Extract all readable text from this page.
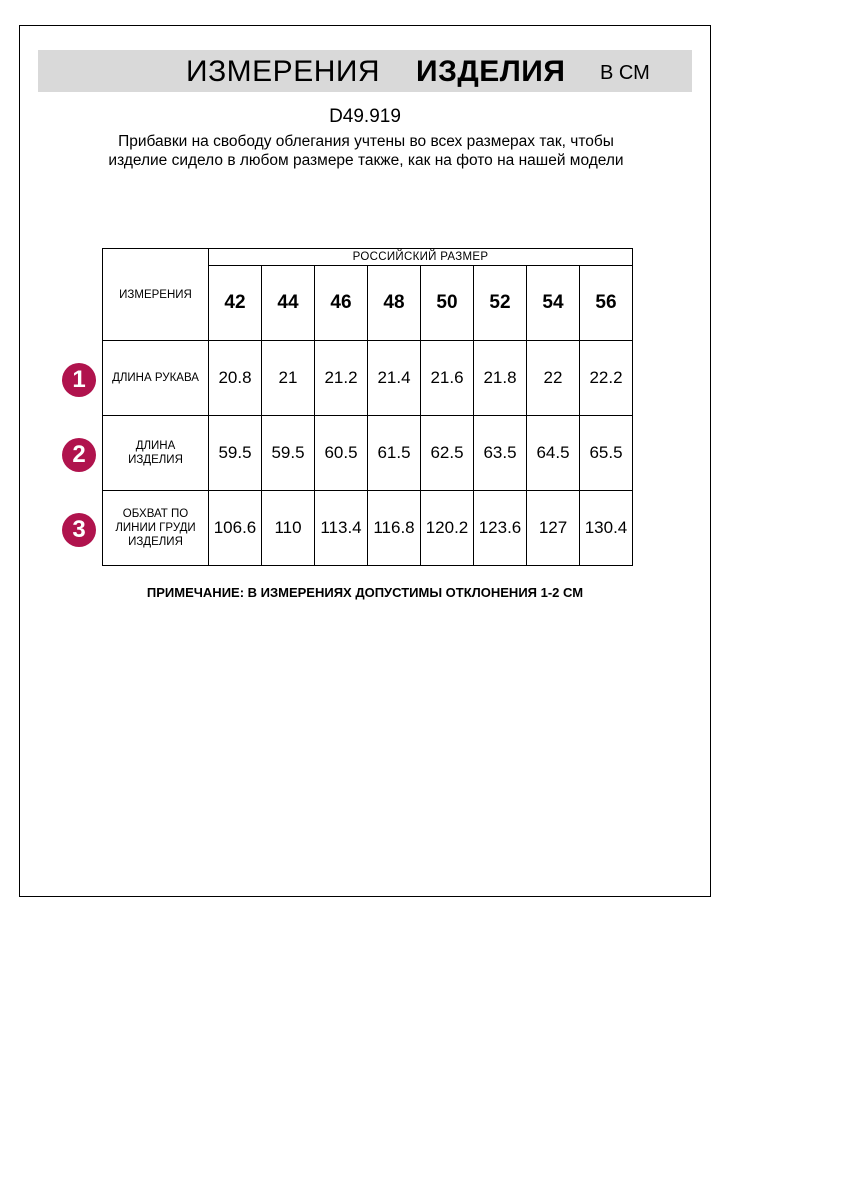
ИЗМЕРЕНИЯ ИЗДЕЛИЯ В СМ
D49.919
Прибавки на свободу облегания учтены во всех размерах так, чтобы изделие сидело в любом размере также, как на фото на нашей модели
ИЗМЕРЕНИЯ	РОССИЙСКИЙ РАЗМЕР							
	42	44	46	48	50	52	54	56
ДЛИНА РУКАВА	20.8	21	21.2	21.4	21.6	21.8	22	22.2
ДЛИНА ИЗДЕЛИЯ	59.5	59.5	60.5	61.5	62.5	63.5	64.5	65.5
ОБХВАТ ПО ЛИНИИ ГРУДИ ИЗДЕЛИЯ	106.6	110	113.4	116.8	120.2	123.6	127	130.4
1
2
3
ПРИМЕЧАНИЕ: В ИЗМЕРЕНИЯХ ДОПУСТИМЫ ОТКЛОНЕНИЯ 1-2 СМ
